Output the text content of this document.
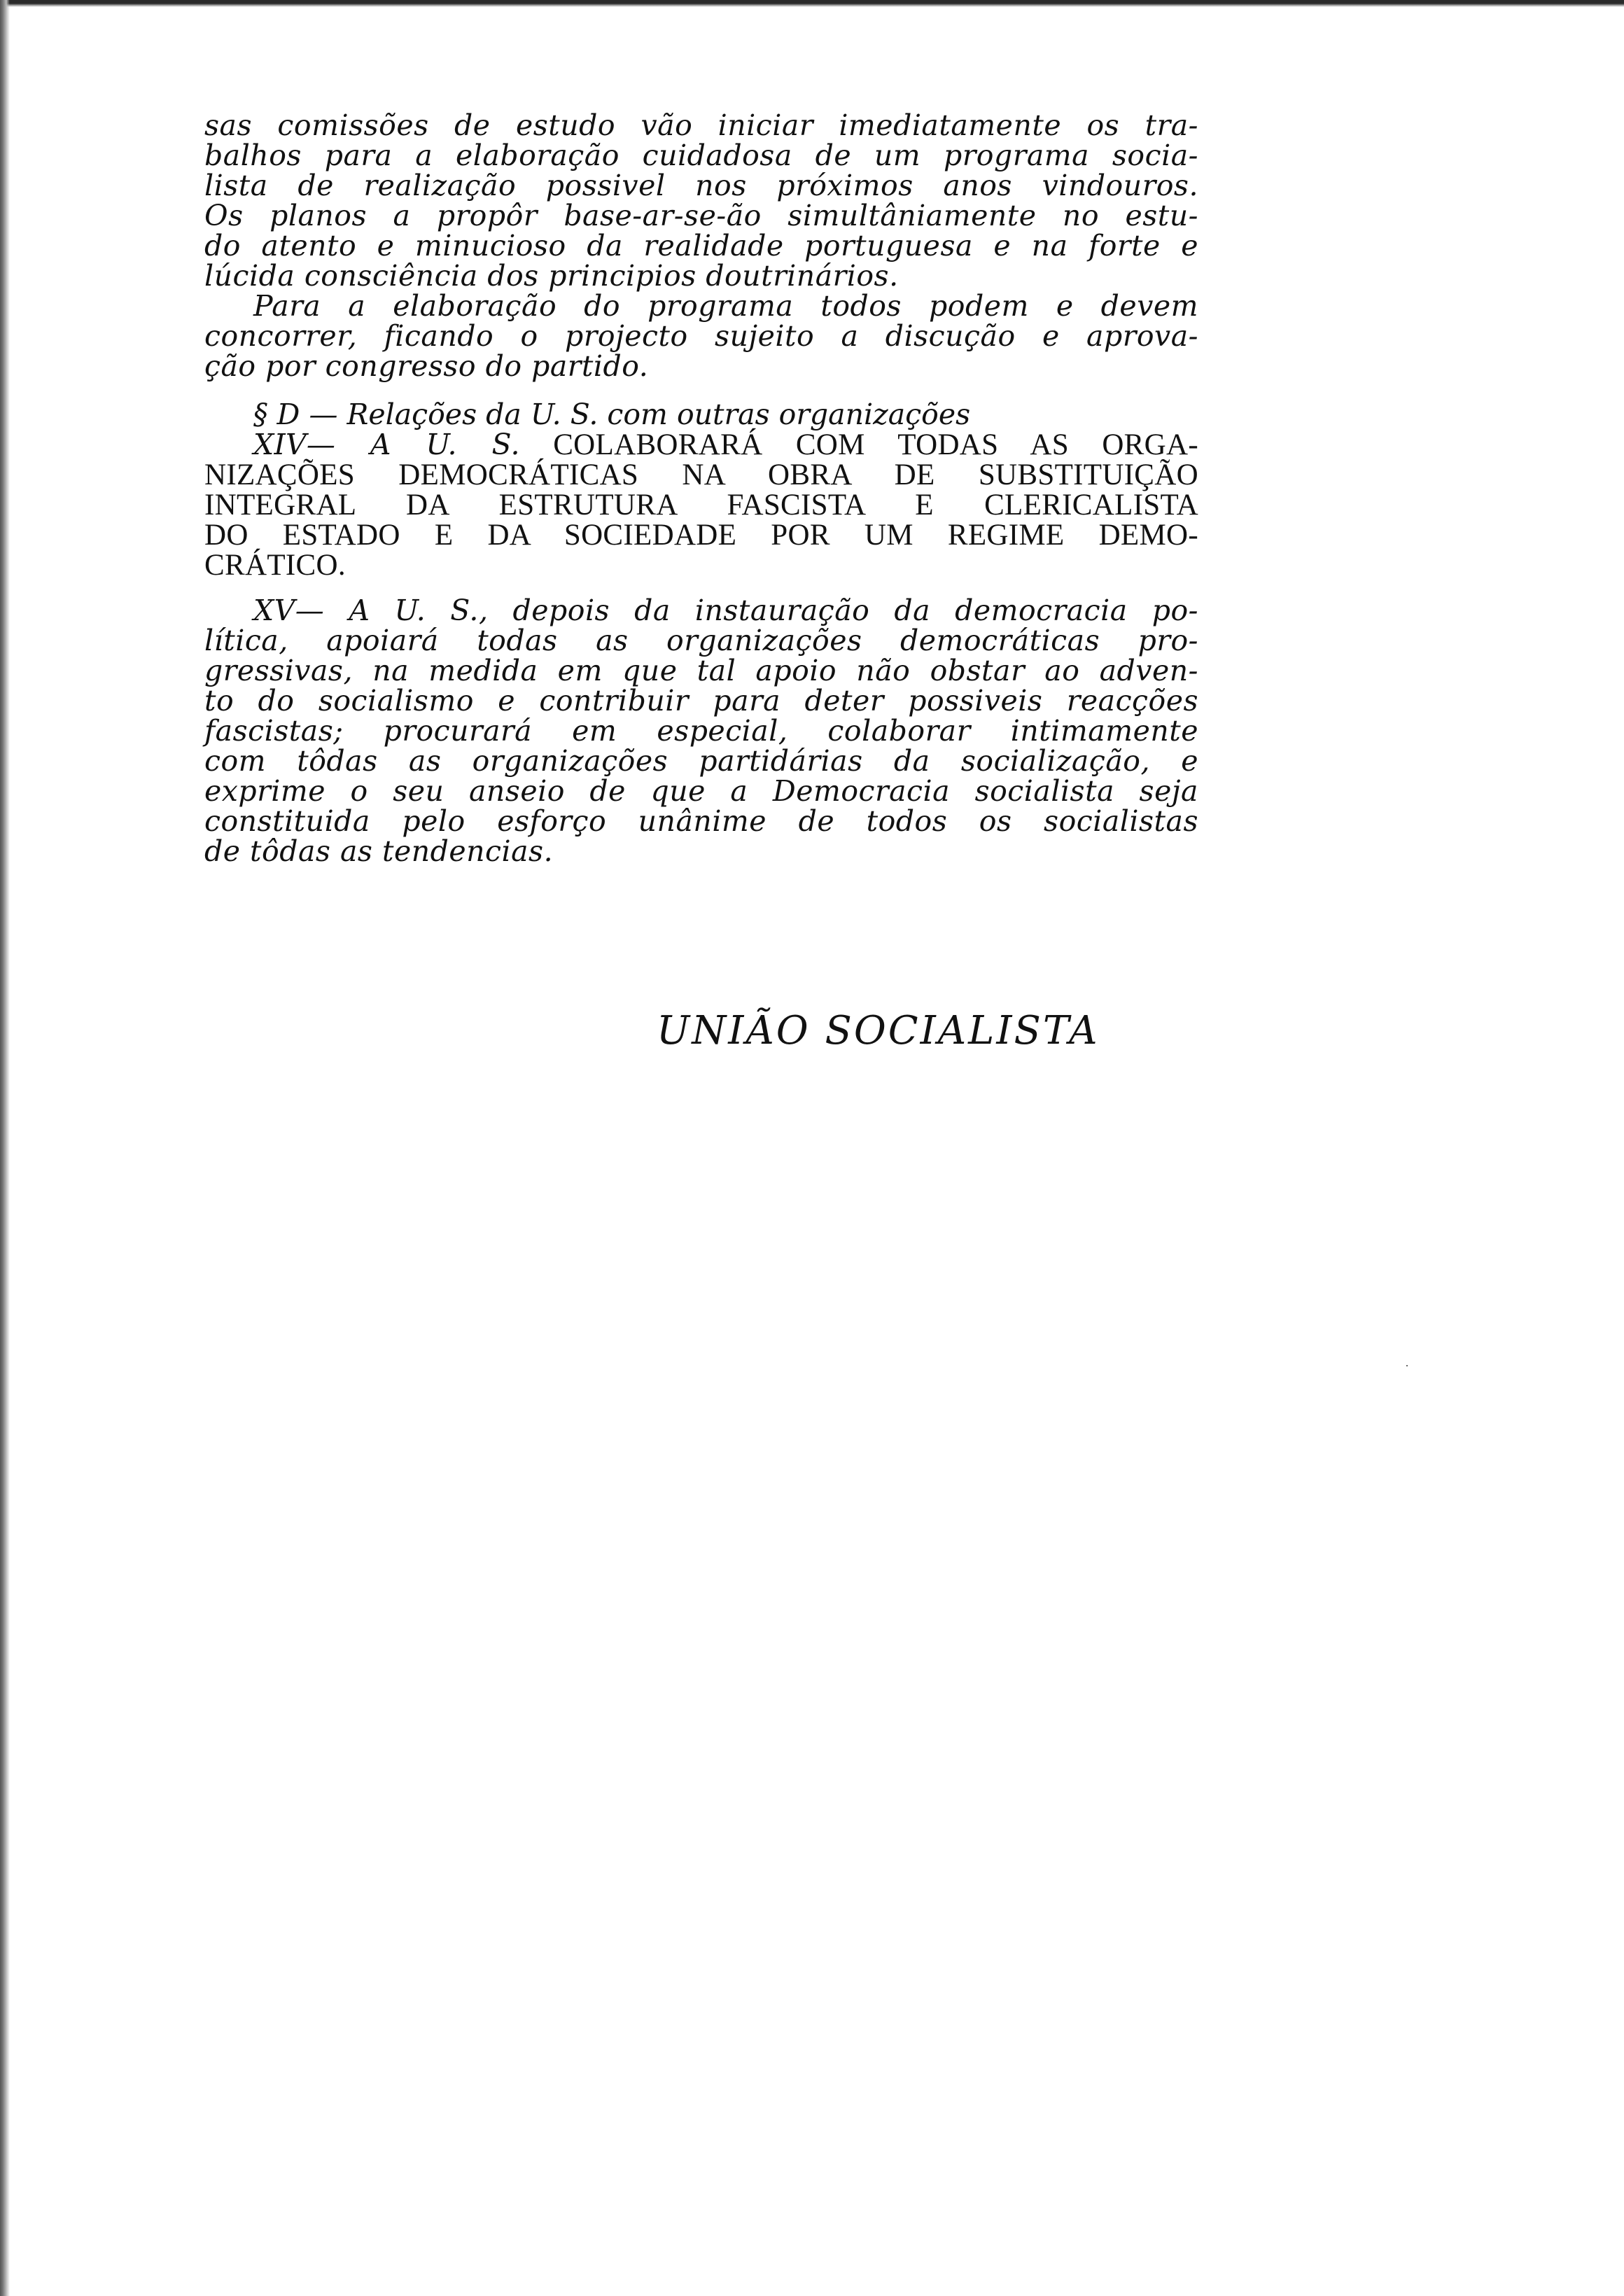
sas comissões de estudo vão iniciar imediatamente os tra-
balhos para a elaboração cuidadosa de um programa socia-
lista de realização possivel nos próximos anos vindouros.
Os planos a propôr base-ar-se-ão simultâniamente no estu-
do atento e minucioso da realidade portuguesa e na forte e
lúcida consciência dos principios doutrinários.

Para a elaboração do programa todos podem e devem
concorrer, ficando o projecto sujeito a discução e aprova-
ção por congresso do partido.

§ D — Relações da U. S. com outras organizações
XIV— A U. S. COLABORARÁ COM TODAS AS ORGA-
NIZAÇÕES DEMOCRÁTICAS NA OBRA DE SUBSTITUIÇÃO
INTEGRAL DA ESTRUTURA FASCISTA E CLERICALISTA
DO ESTADO E DA SOCIEDADE POR UM REGIME DEMO-
CRÁTICO.

XV— A U. S., depois da instauração da democracia po-
lítica, apoiará todas as organizações democráticas pro-
gressivas, na medida em que tal apoio não obstar ao adven-
to do socialismo e contribuir para deter possiveis reacções
fascistas; procurará em especial, colaborar intimamente
com tôdas as organizações partidárias da socialização, e
exprime o seu anseio de que a Democracia socialista seja
constituida pelo esforço unânime de todos os socialistas
de tôdas as tendencias.

UNIÃO SOCIALISTA
